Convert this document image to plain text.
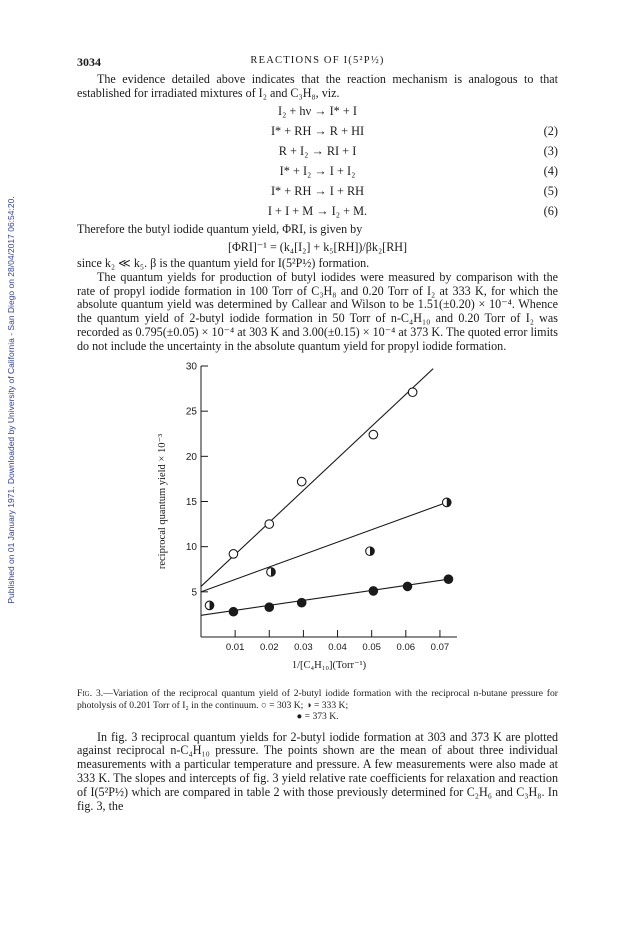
Published on 01 January 1971. Downloaded by University of California - San Diego on 28/04/2017 06:54:20.
REACTIONS OF I(5²P½)
3034

The evidence detailed above indicates that the reaction mechanism is analogous to that established for irradiated mixtures of I₂ and C₃H₈, viz.

I₂ + hν → I* + I
I* + RH → R + HI	(2)
R + I₂ → RI + I	(3)
I* + I₂ → I + I₂	(4)
I* + RH → I + RH	(5)
I + I + M → I₂ + M.	(6)

Therefore the butyl iodide quantum yield, ΦRI, is given by

[ΦRI]⁻¹ = (k₄[I₂] + k₅[RH])/βk₂[RH]

since k₂ ≪ k₅. β is the quantum yield for I(5²P½) formation.

The quantum yields for production of butyl iodides were measured by comparison with the rate of propyl iodide formation in 100 Torr of C₃H₈ and 0.20 Torr of I₂ at 333 K, for which the absolute quantum yield was determined by Callear and Wilson to be 1.51(±0.20) × 10⁻⁴. Whence the quantum yield of 2-butyl iodide formation in 50 Torr of n-C₄H₁₀ and 0.20 Torr of I₂ was recorded as 0.795(±0.05) × 10⁻⁴ at 303 K and 3.00(±0.15) × 10⁻⁴ at 373 K. The quoted error limits do not include the uncertainty in the absolute quantum yield for propyl iodide formation.

5
10
15
20
25
30
0.01 0.02 0.03 0.04 0.05 0.06 0.07
1/[C₄H₁₀](Torr⁻¹)
reciprocal quantum yield × 10⁻³
Fig. 3.—Variation of the reciprocal quantum yield of 2-butyl iodide formation with the reciprocal n-butane pressure for photolysis of 0.201 Torr of I₂ in the continuum. ○ = 303 K; ◑ = 333 K;
● = 373 K.

In fig. 3 reciprocal quantum yields for 2-butyl iodide formation at 303 and 373 K are plotted against reciprocal n-C₄H₁₀ pressure. The points shown are the mean of about three individual measurements with a particular temperature and pressure. A few measurements were also made at 333 K. The slopes and intercepts of fig. 3 yield relative rate coefficients for relaxation and reaction of I(5²P½) which are compared in table 2 with those previously determined for C₂H₆ and C₃H₈. In fig. 3, the
